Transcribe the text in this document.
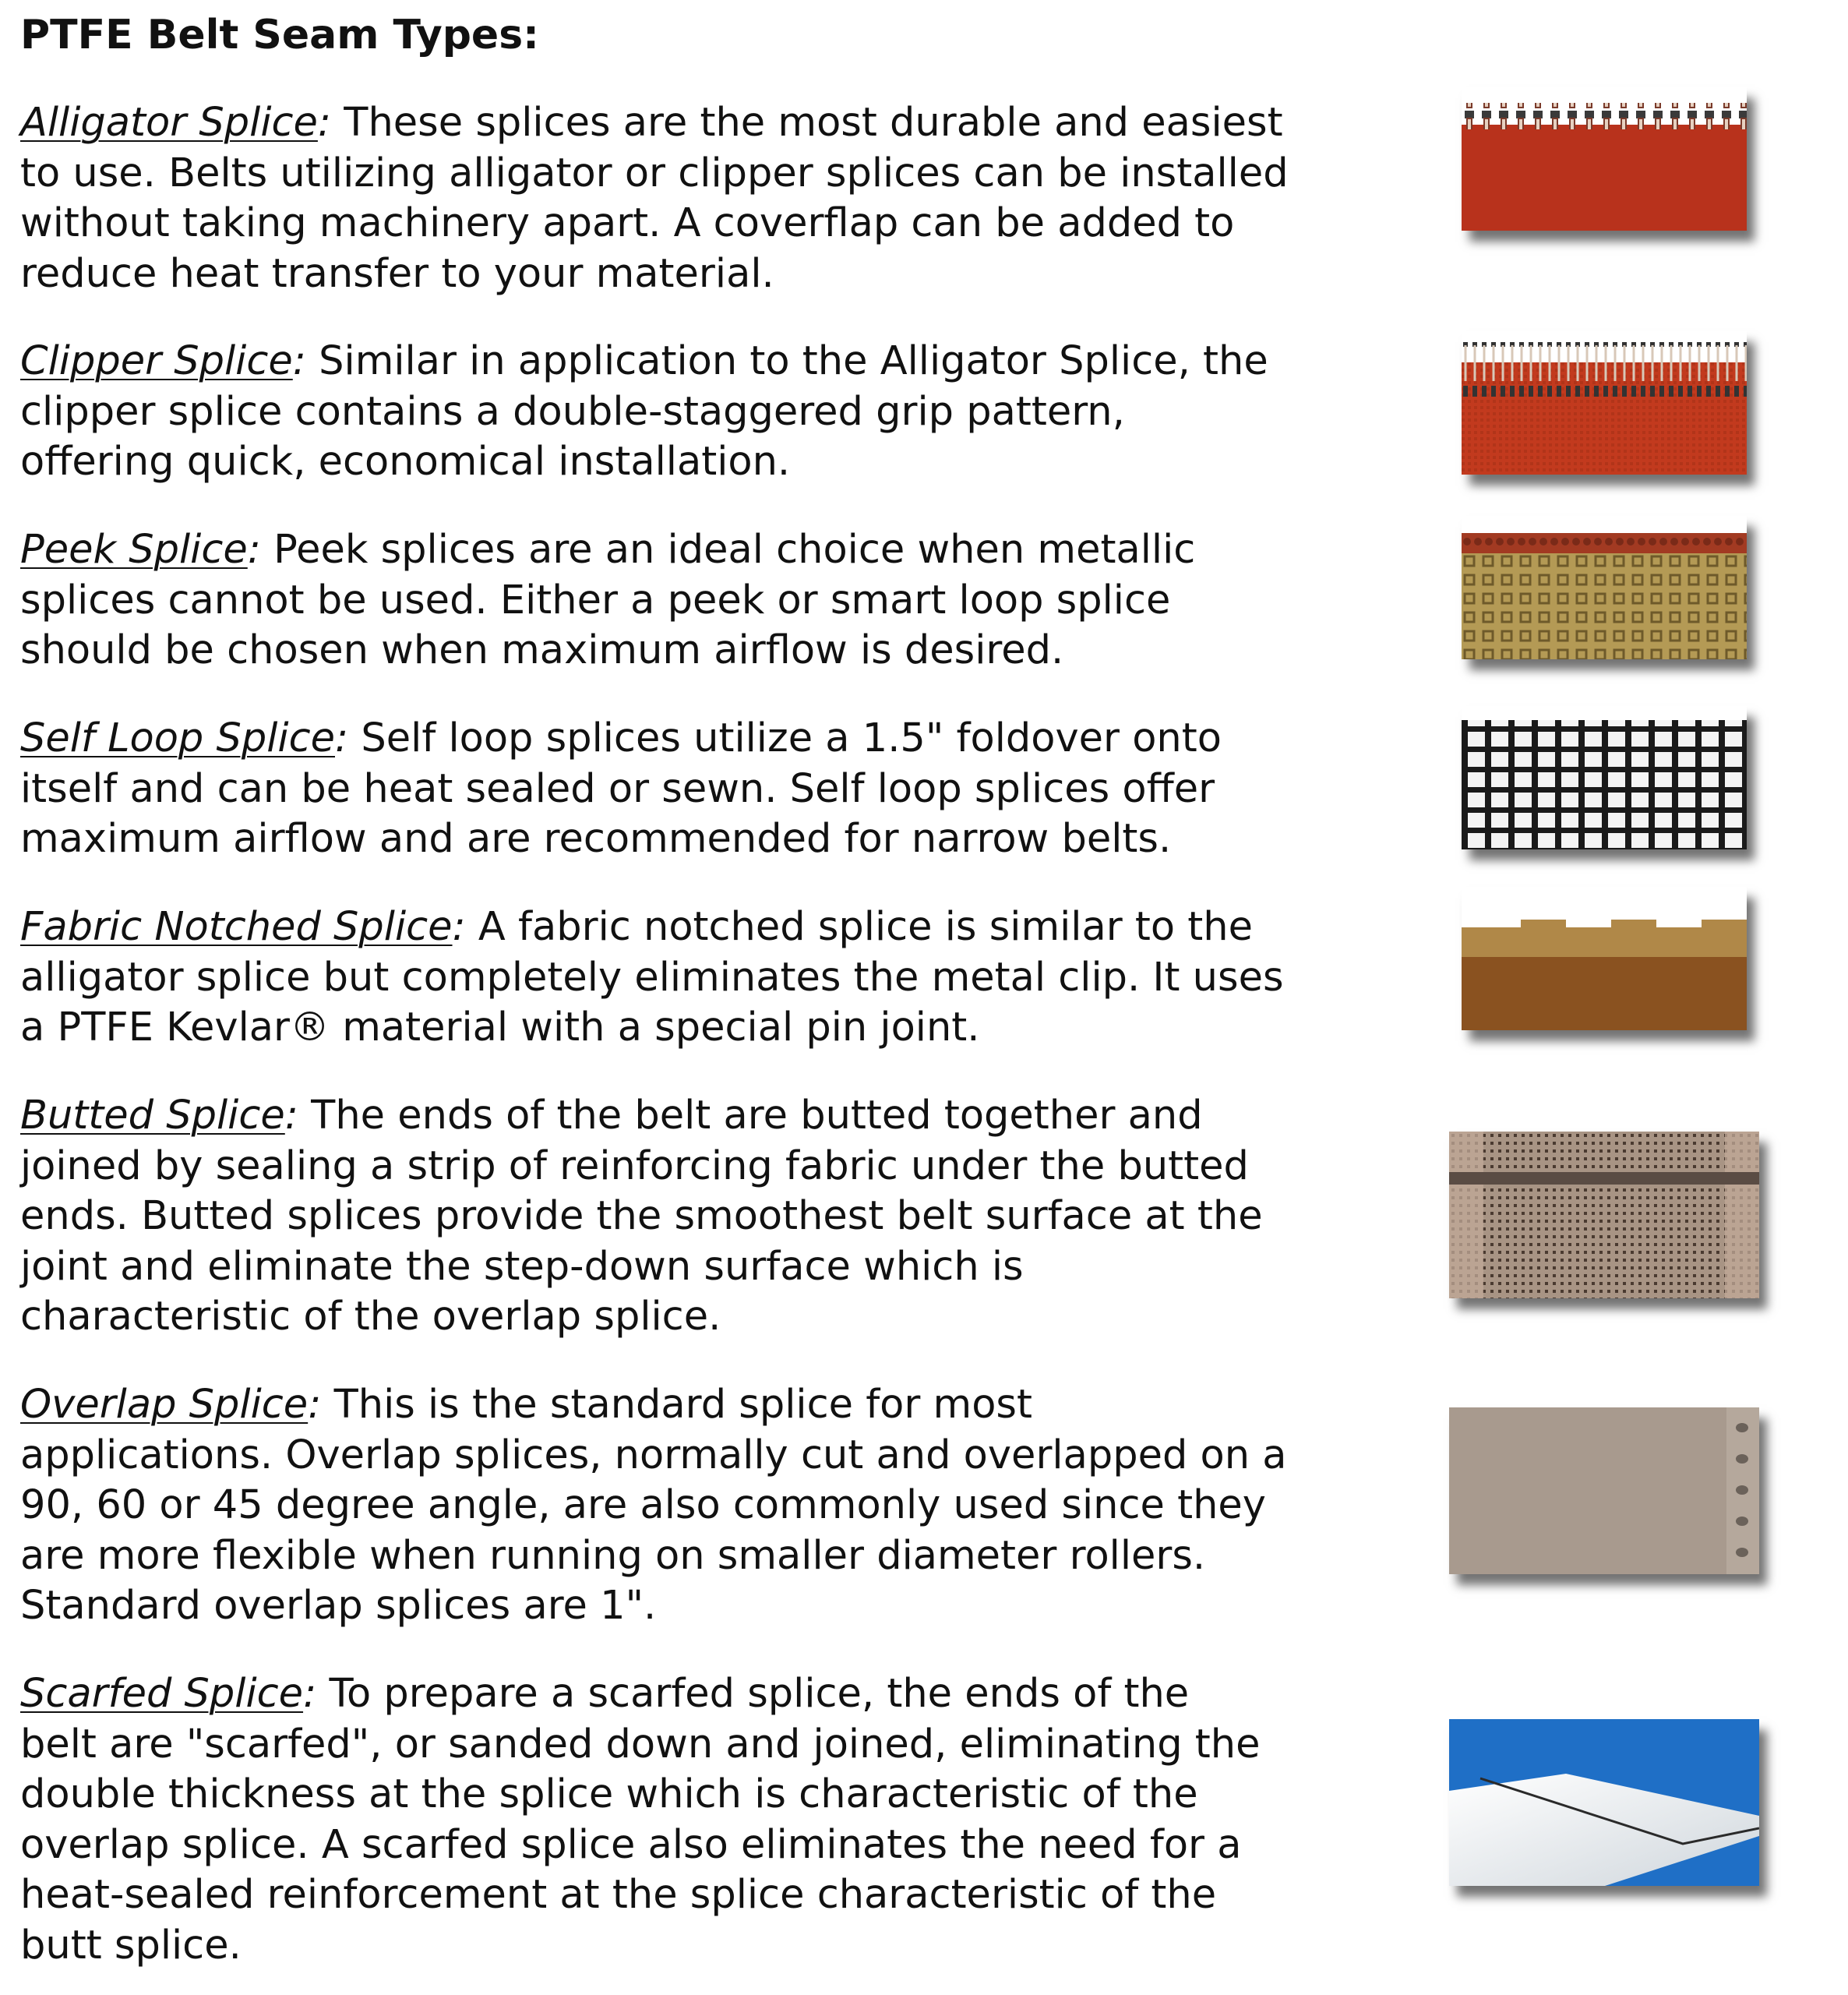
PTFE Belt Seam Types:

Alligator Splice: These splices are the most durable and easiest
to use. Belts utilizing alligator or clipper splices can be installed
without taking machinery apart. A coverflap can be added to
reduce heat transfer to your material.

Clipper Splice: Similar in application to the Alligator Splice, the
clipper splice contains a double-staggered grip pattern,
offering quick, economical installation.

Peek Splice: Peek splices are an ideal choice when metallic
splices cannot be used. Either a peek or smart loop splice
should be chosen when maximum airflow is desired.

Self Loop Splice: Self loop splices utilize a 1.5" foldover onto
itself and can be heat sealed or sewn. Self loop splices offer
maximum airflow and are recommended for narrow belts.

Fabric Notched Splice: A fabric notched splice is similar to the
alligator splice but completely eliminates the metal clip. It uses
a PTFE Kevlar® material with a special pin joint.

Butted Splice: The ends of the belt are butted together and
joined by sealing a strip of reinforcing fabric under the butted
ends. Butted splices provide the smoothest belt surface at the
joint and eliminate the step-down surface which is
characteristic of the overlap splice.

Overlap Splice: This is the standard splice for most
applications. Overlap splices, normally cut and overlapped on a
90, 60 or 45 degree angle, are also commonly used since they
are more flexible when running on smaller diameter rollers.
Standard overlap splices are 1".

Scarfed Splice: To prepare a scarfed splice, the ends of the
belt are "scarfed", or sanded down and joined, eliminating the
double thickness at the splice which is characteristic of the
overlap splice. A scarfed splice also eliminates the need for a
heat-sealed reinforcement at the splice characteristic of the
butt splice.
